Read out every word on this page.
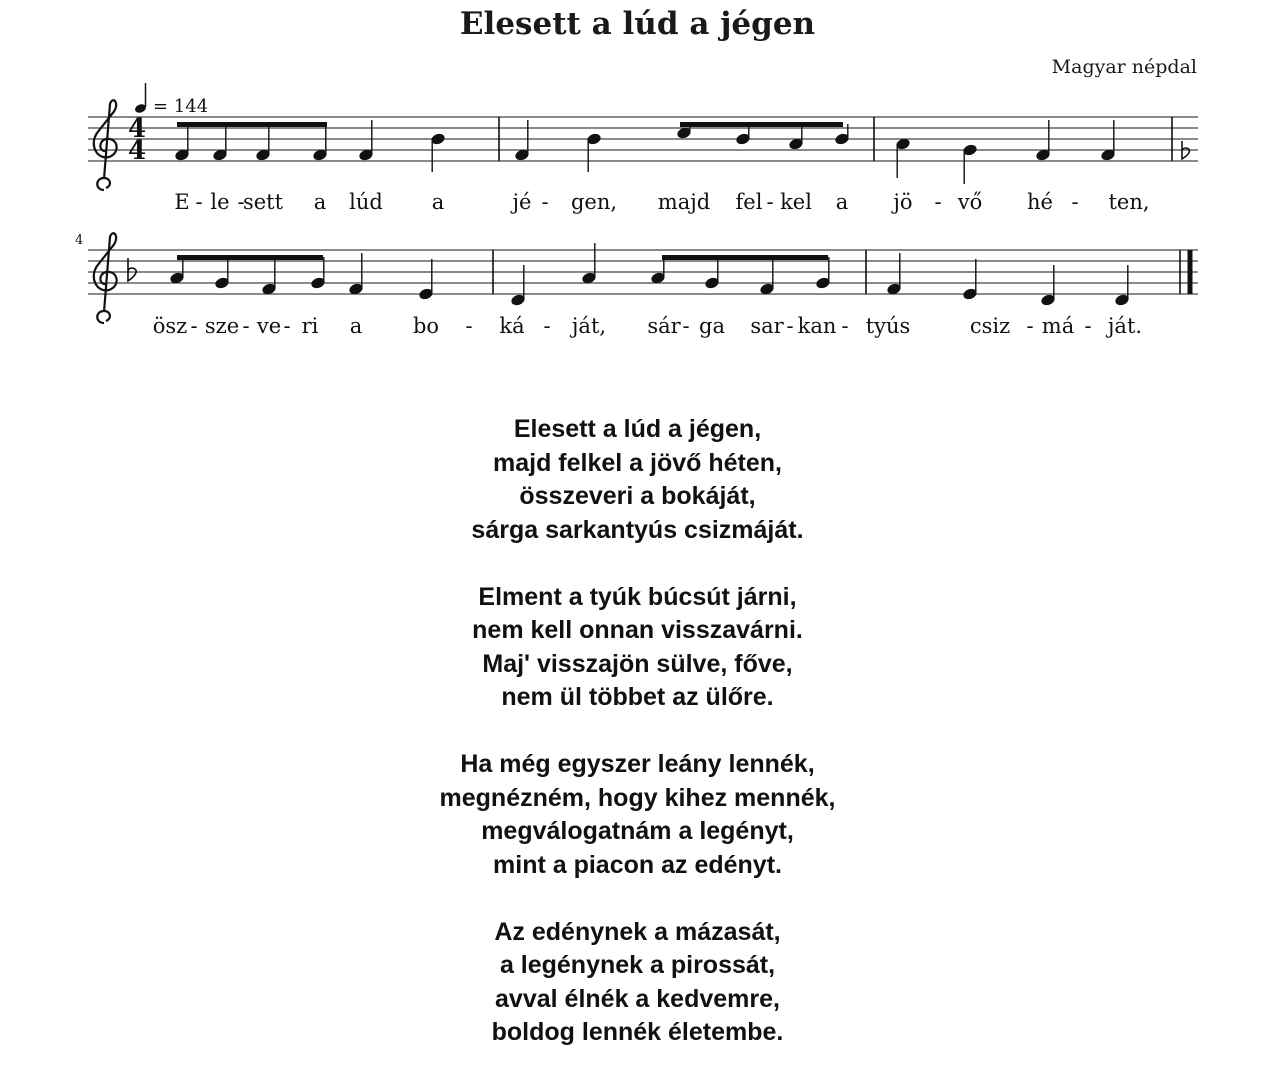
Elesett a lúd a jégen
Magyar népdal
= 144
4
4
4
E - le -
sett a lúd a	jé - gen, majd fel - kel a jö - vő hé - ten,
ösz - sze - ve - ri a bo - ká - ját, sár - ga sar - kan - tyús	csiz - má - ját.
Elesett a lúd a jégen,
majd felkel a jövő héten,
összeveri a bokáját,
sárga sarkantyús csizmáját.
Elment a tyúk búcsút járni,
nem kell onnan visszavárni.
Maj' visszajön sülve, főve,
nem ül többet az ülőre.
Ha még egyszer leány lennék,
megnézném, hogy kihez mennék,
megválogatnám a legényt,
mint a piacon az edényt.
Az edénynek a mázasát,
a legénynek a pirossát,
avval élnék a kedvemre,
boldog lennék életembe.
